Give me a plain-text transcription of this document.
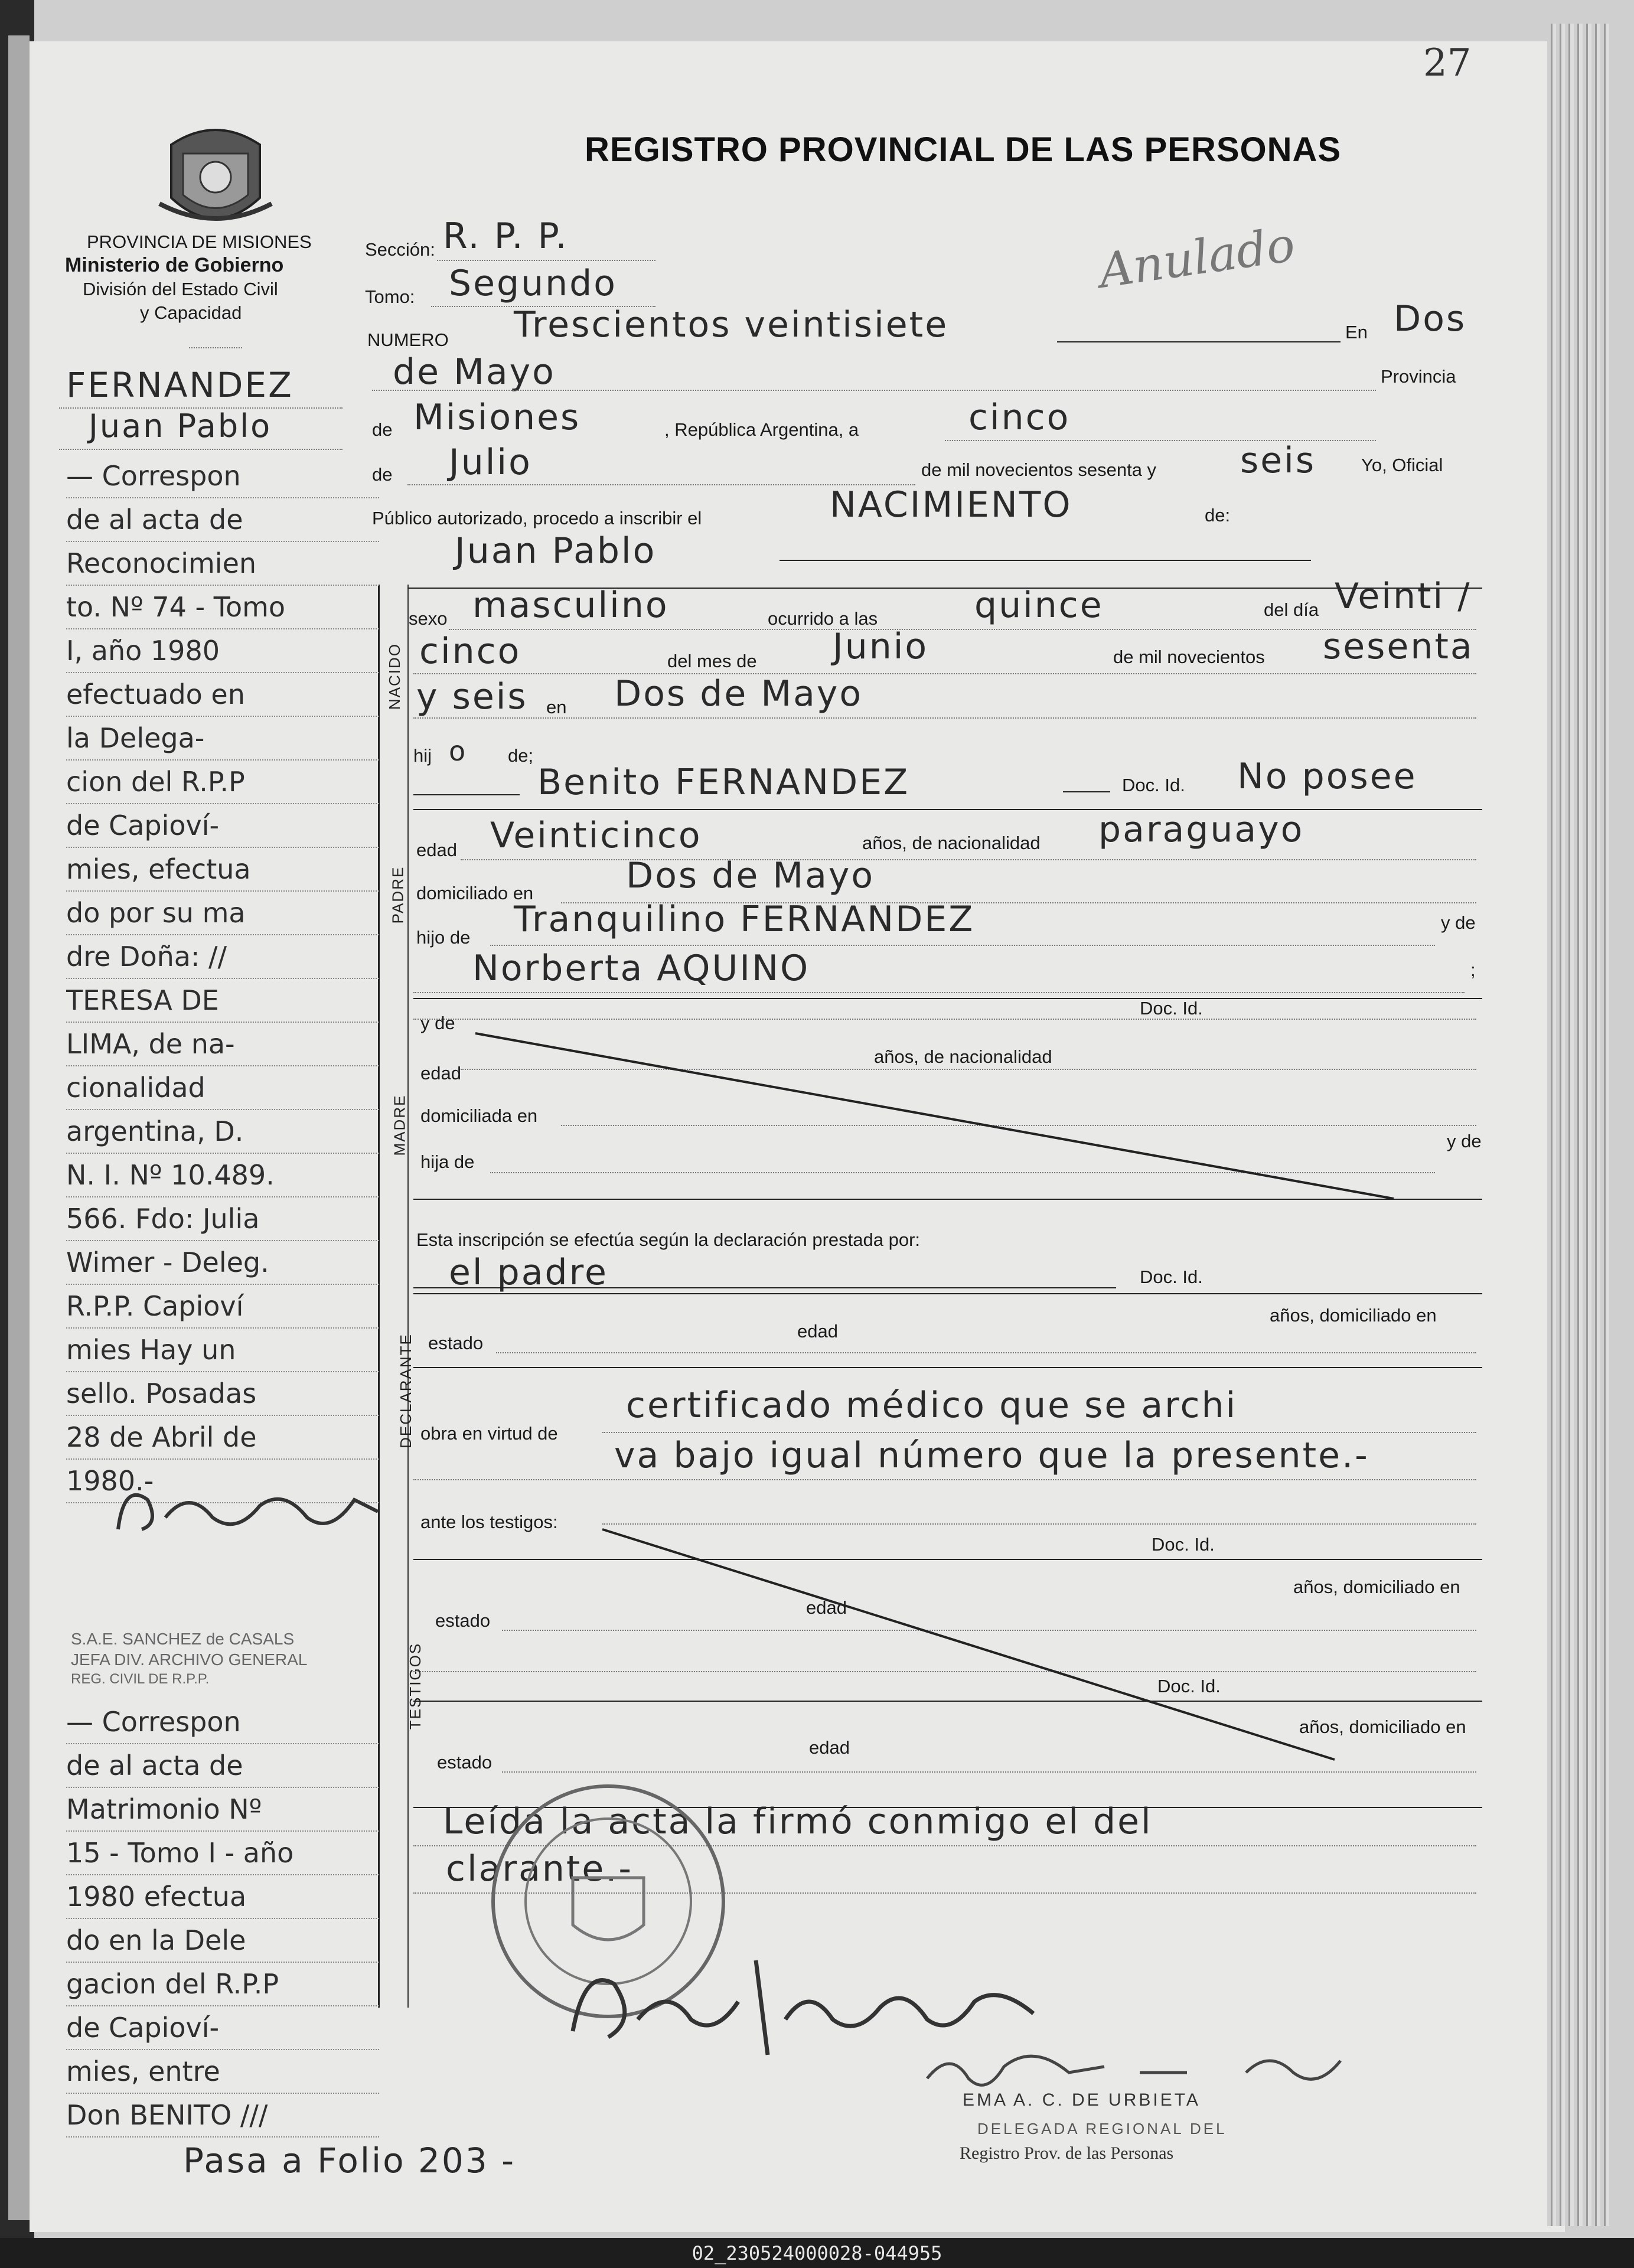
27
PROVINCIA DE MISIONES
Ministerio de Gobierno
División del Estado Civil
y Capacidad
REGISTRO PROVINCIAL DE LAS PERSONAS
Anulado
Sección: R. P. P.
Tomo: Segundo
NUMERO Trescientos veintisiete	En Dos
de Mayo	Provincia
de Misiones	, República Argentina, a	cinco
de Julio	de mil novecientos sesenta y seis Yo, Oficial
Público autorizado, procedo a inscribir el	NACIMIENTO	de:
Juan Pablo
NACIDO
sexo masculino	ocurrido a las	quince	del día Veinti /
cinco	del mes de Junio	de mil novecientos sesenta
y seis en Dos de Mayo
hij o de;
Benito FERNANDEZ	Doc. Id. No posee
PADRE
edad Veinticinco	años, de nacionalidad paraguayo
domiciliado en	Dos de Mayo
hijo de Tranquilino FERNANDEZ	y de
Norberta AQUINO	;
Doc. Id.
y de
MADRE
edad
años, de nacionalidad
domiciliada en
hija de
y de
Esta inscripción se efectúa según la declaración prestada por:
el padre	Doc. Id.
DECLARANTE
edad
años, domiciliado en
estado
obra en virtud de
certificado médico que se archi
va bajo igual número que la presente.-
ante los testigos:
Doc. Id.
TESTIGOS
edad
años, domiciliado en
estado
Doc. Id.
edad
años, domiciliado en
estado
Leída la acta la firmó conmigo el del
clarante.-
EMA A. C. DE URBIETA
DELEGADA REGIONAL DEL
Registro Prov. de las Personas
FERNANDEZ
Juan Pablo
— Correspon
de al acta de
Reconocimien
to. Nº 74 - Tomo
I, año 1980
efectuado en
la Delega-
cion del R.P.P
de Capioví-
mies, efectua
do por su ma
dre Doña: //
TERESA DE
LIMA, de na-
cionalidad
argentina, D.
N. I. Nº 10.489.
566. Fdo: Julia
Wimer - Deleg.
R.P.P. Capioví
mies Hay un
sello. Posadas
28 de Abril de
1980.-
S.A.E. SANCHEZ de CASALS
JEFA DIV. ARCHIVO GENERAL
REG. CIVIL DE R.P.P.
— Correspon
de al acta de
Matrimonio Nº
15 - Tomo I - año
1980 efectua
do en la Dele
gacion del R.P.P
de Capioví-
mies, entre
Don BENITO ///
Pasa a Folio 203 -
02_230524000028-044955
